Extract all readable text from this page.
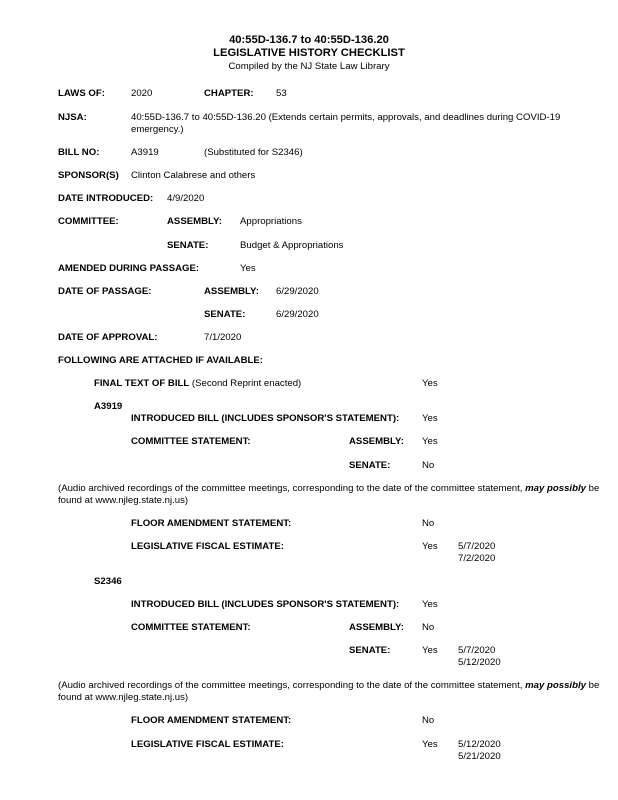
40:55D-136.7 to 40:55D-136.20
LEGISLATIVE HISTORY CHECKLIST
Compiled by the NJ State Law Library
LAWS OF:	2020	CHAPTER: 53
NJSA:	40:55D-136.7 to 40:55D-136.20 (Extends certain permits, approvals, and deadlines during COVID-19 emergency.)
BILL NO:	A3919	(Substituted for S2346)
SPONSOR(S) Clinton Calabrese and others
DATE INTRODUCED: 4/9/2020
COMMITTEE:	ASSEMBLY: Appropriations
SENATE:	Budget & Appropriations
AMENDED DURING PASSAGE:	Yes
DATE OF PASSAGE:	ASSEMBLY: 6/29/2020
SENATE:	6/29/2020
DATE OF APPROVAL:	7/1/2020
FOLLOWING ARE ATTACHED IF AVAILABLE:
FINAL TEXT OF BILL (Second Reprint enacted)	Yes
A3919
INTRODUCED BILL (INCLUDES SPONSOR'S STATEMENT): Yes
COMMITTEE STATEMENT:	ASSEMBLY: Yes
SENATE:	No
(Audio archived recordings of the committee meetings, corresponding to the date of the committee statement, may possibly be found at www.njleg.state.nj.us)
FLOOR AMENDMENT STATEMENT:	No
LEGISLATIVE FISCAL ESTIMATE:	Yes 5/7/2020
7/2/2020
S2346
INTRODUCED BILL (INCLUDES SPONSOR'S STATEMENT): Yes
COMMITTEE STATEMENT:	ASSEMBLY: No
SENATE:	Yes 5/7/2020
5/12/2020
(Audio archived recordings of the committee meetings, corresponding to the date of the committee statement, may possibly be found at www.njleg.state.nj.us)
FLOOR AMENDMENT STATEMENT:	No
LEGISLATIVE FISCAL ESTIMATE:	Yes 5/12/2020
5/21/2020
